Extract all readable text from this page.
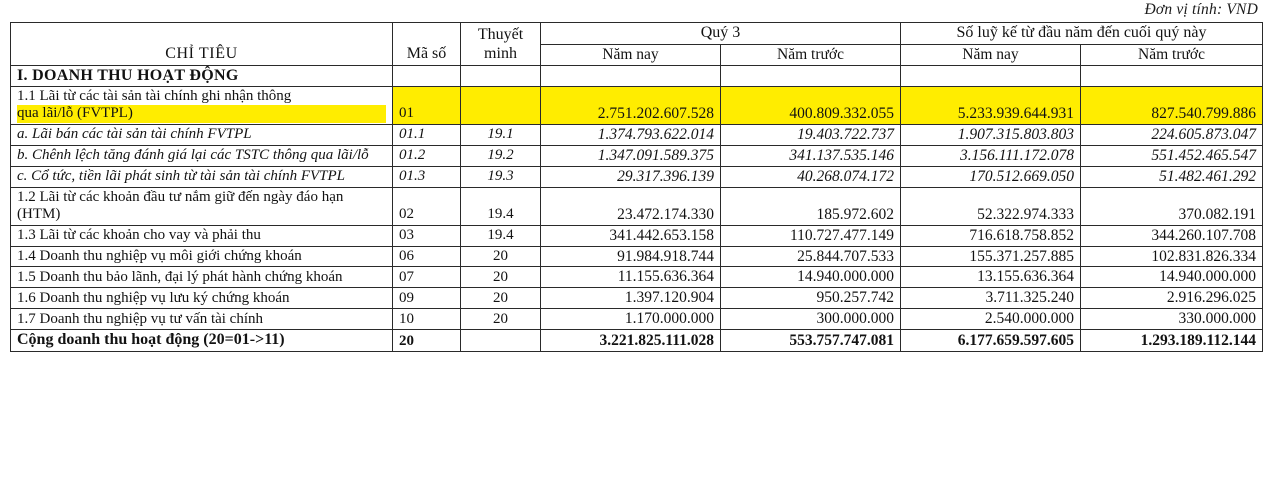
Đơn vị tính: VND
CHỈ TIÊU	Mã số	Thuyết minh	Quý 3		Số luỹ kế từ đầu năm đến cuối quý này	
			Năm nay	Năm trước	Năm nay	Năm trước
I. DOANH THU HOẠT ĐỘNG						

1.1 Lãi từ các tài sản tài chính ghi nhận thông
qua lãi/lỗ (FVTPL)	01		2.751.202.607.528	400.809.332.055	5.233.939.644.931	827.540.799.886
a. Lãi bán các tài sản tài chính FVTPL	01.1	19.1	1.374.793.622.014	19.403.722.737	1.907.315.803.803	224.605.873.047
b. Chênh lệch tăng đánh giá lại các TSTC thông qua lãi/lỗ	01.2	19.2	1.347.091.589.375	341.137.535.146	3.156.111.172.078	551.452.465.547
c. Cổ tức, tiền lãi phát sinh từ tài sản tài chính FVTPL	01.3	19.3	29.317.396.139	40.268.074.172	170.512.669.050	51.482.461.292
1.2 Lãi từ các khoản đầu tư nắm giữ đến ngày đáo hạn (HTM)	02	19.4	23.472.174.330	185.972.602	52.322.974.333	370.082.191
1.3 Lãi từ các khoản cho vay và phải thu	03	19.4	341.442.653.158	110.727.477.149	716.618.758.852	344.260.107.708
1.4 Doanh thu nghiệp vụ môi giới chứng khoán	06	20	91.984.918.744	25.844.707.533	155.371.257.885	102.831.826.334
1.5 Doanh thu bảo lãnh, đại lý phát hành chứng khoán	07	20	11.155.636.364	14.940.000.000	13.155.636.364	14.940.000.000
1.6 Doanh thu nghiệp vụ lưu ký chứng khoán	09	20	1.397.120.904	950.257.742	3.711.325.240	2.916.296.025
1.7 Doanh thu nghiệp vụ tư vấn tài chính	10	20	1.170.000.000	300.000.000	2.540.000.000	330.000.000
Cộng doanh thu hoạt động (20=01->11)	20		3.221.825.111.028	553.757.747.081	6.177.659.597.605	1.293.189.112.144
